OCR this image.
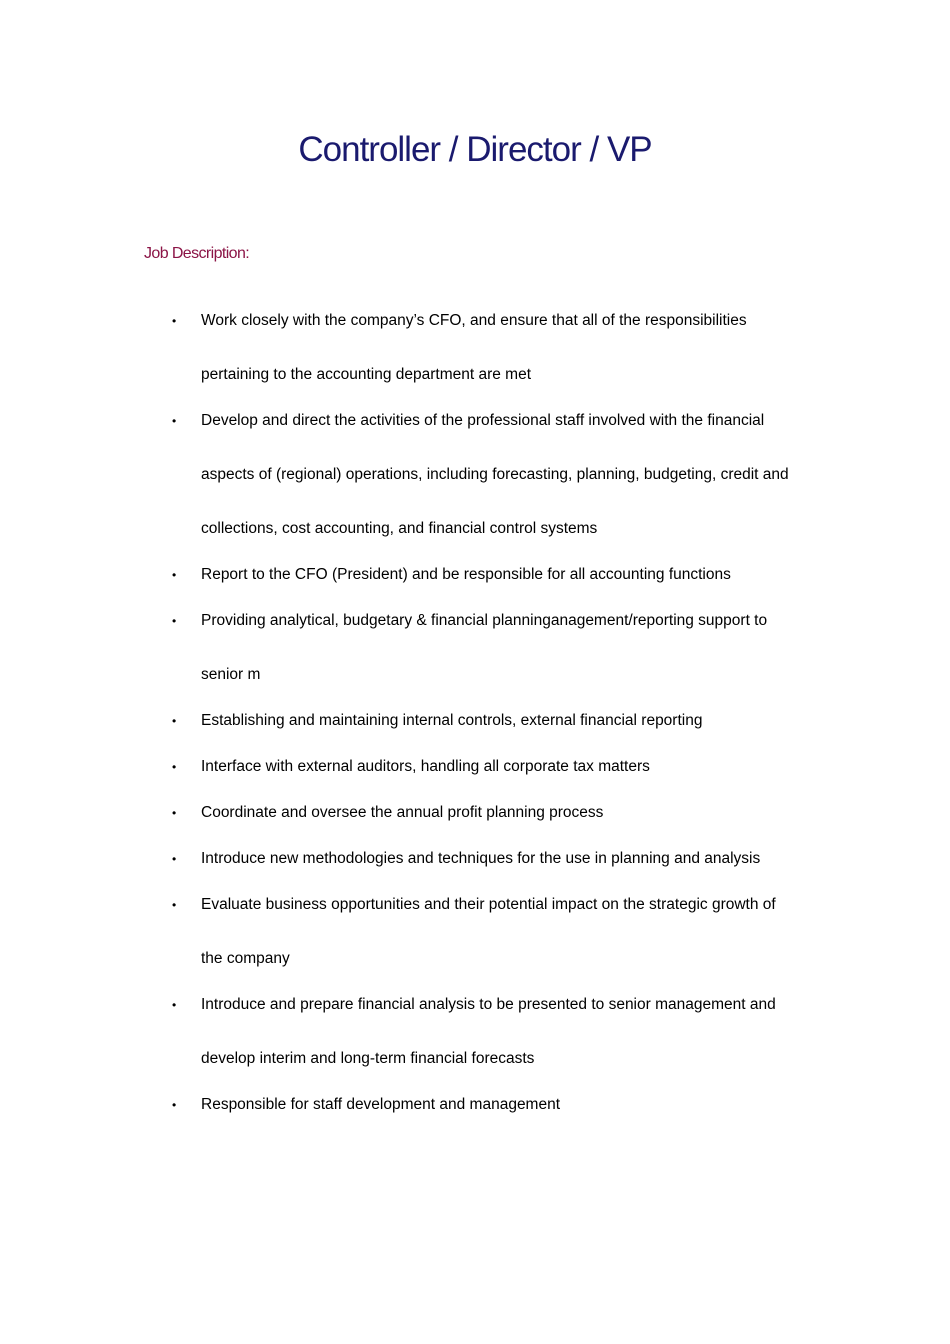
Controller / Director / VP
Job Description:
• Work closely with the company’s CFO, and ensure that all of the responsibilities
pertaining to the accounting department are met
• Develop and direct the activities of the professional staff involved with the financial
aspects of (regional) operations, including forecasting, planning, budgeting, credit and
collections, cost accounting, and financial control systems
• Report to the CFO (President) and be responsible for all accounting functions
• Providing analytical, budgetary & financial planninganagement/reporting support to
senior m
• Establishing and maintaining internal controls, external financial reporting
• Interface with external auditors, handling all corporate tax matters
• Coordinate and oversee the annual profit planning process
• Introduce new methodologies and techniques for the use in planning and analysis
• Evaluate business opportunities and their potential impact on the strategic growth of
the company
• Introduce and prepare financial analysis to be presented to senior management and
develop interim and long-term financial forecasts
• Responsible for staff development and management
